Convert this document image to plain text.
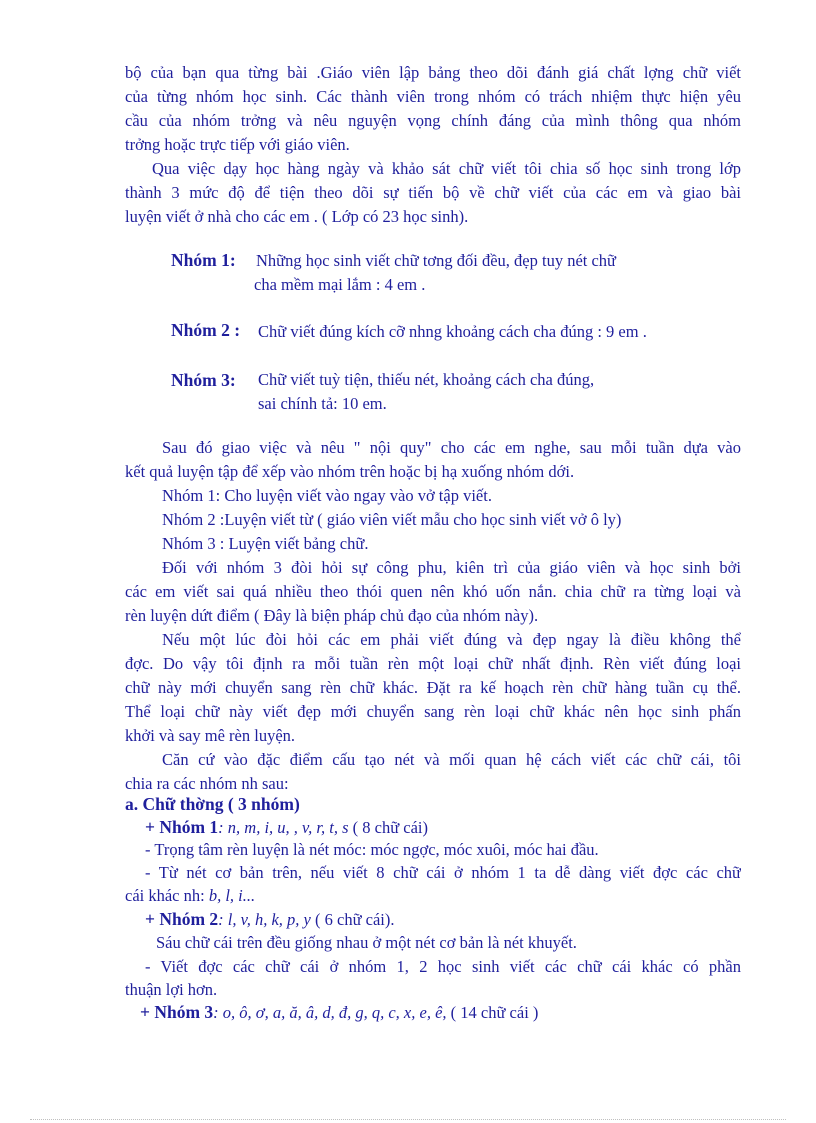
bộ của bạn qua từng bài .Giáo viên lập bảng theo dõi đánh giá chất lợng chữ viết
của từng nhóm học sinh. Các thành viên trong nhóm có trách nhiệm thực hiện yêu
cầu của nhóm trởng và nêu nguyện vọng chính đáng của mình thông qua nhóm
trởng hoặc trực tiếp với giáo viên.
Qua việc dạy học hàng ngày và khảo sát chữ viết tôi chia số học sinh trong lớp
thành 3 mức độ để tiện theo dõi sự tiến bộ về chữ viết của các em và giao bài
luyện viết ở nhà cho các em . ( Lớp có 23 học sinh).
Nhóm 1: Những học sinh viết chữ tơng đối đều, đẹp tuy nét chữ
cha mềm mại lắm : 4 em .
Nhóm 2 : Chữ viết đúng kích cỡ nhng khoảng cách cha đúng : 9 em .
Nhóm 3: Chữ viết tuỳ tiện, thiếu nét, khoảng cách cha đúng,
sai chính tả: 10 em.
Sau đó giao việc và nêu " nội quy" cho các em nghe, sau mỗi tuần dựa vào
kết quả luyện tập để xếp vào nhóm trên hoặc bị hạ xuống nhóm dới.
Nhóm 1: Cho luyện viết vào ngay vào vở tập viết.
Nhóm 2 :Luyện viết từ ( giáo viên viết mẫu cho học sinh viết vở ô ly)
Nhóm 3 : Luyện viết bảng chữ.
Đối với nhóm 3 đòi hỏi sự công phu, kiên trì của giáo viên và học sinh bởi
các em viết sai quá nhiều theo thói quen nên khó uốn nắn. chia chữ ra từng loại và
rèn luyện dứt điểm ( Đây là biện pháp chủ đạo của nhóm này).
Nếu một lúc đòi hỏi các em phải viết đúng và đẹp ngay là điều không thể
đợc. Do vậy tôi định ra mỗi tuần rèn một loại chữ nhất định. Rèn viết đúng loại
chữ này mới chuyển sang rèn chữ khác. Đặt ra kế hoạch rèn chữ hàng tuần cụ thể.
Thể loại chữ này viết đẹp mới chuyển sang rèn loại chữ khác nên học sinh phấn
khởi và say mê rèn luyện.
Căn cứ vào đặc điểm cấu tạo nét và mối quan hệ cách viết các chữ cái, tôi
chia ra các nhóm nh sau:
a. Chữ thờng ( 3 nhóm)
+ Nhóm 1: n, m, i, u, , v, r, t, s ( 8 chữ cái)
- Trọng tâm rèn luyện là nét móc: móc ngợc, móc xuôi, móc hai đầu.
- Từ nét cơ bản trên, nếu viết 8 chữ cái ở nhóm 1 ta dễ dàng viết đợc các chữ
cái khác nh: b, l, i...
+ Nhóm 2: l, v, h, k, p, y ( 6 chữ cái).
Sáu chữ cái trên đều giống nhau ở một nét cơ bản là nét khuyết.
- Viết đợc các chữ cái ở nhóm 1, 2 học sinh viết các chữ cái khác có phần
thuận lợi hơn.
+ Nhóm 3: o, ô, ơ, a, ă, â, d, đ, g, q, c, x, e, ê, ( 14 chữ cái )
